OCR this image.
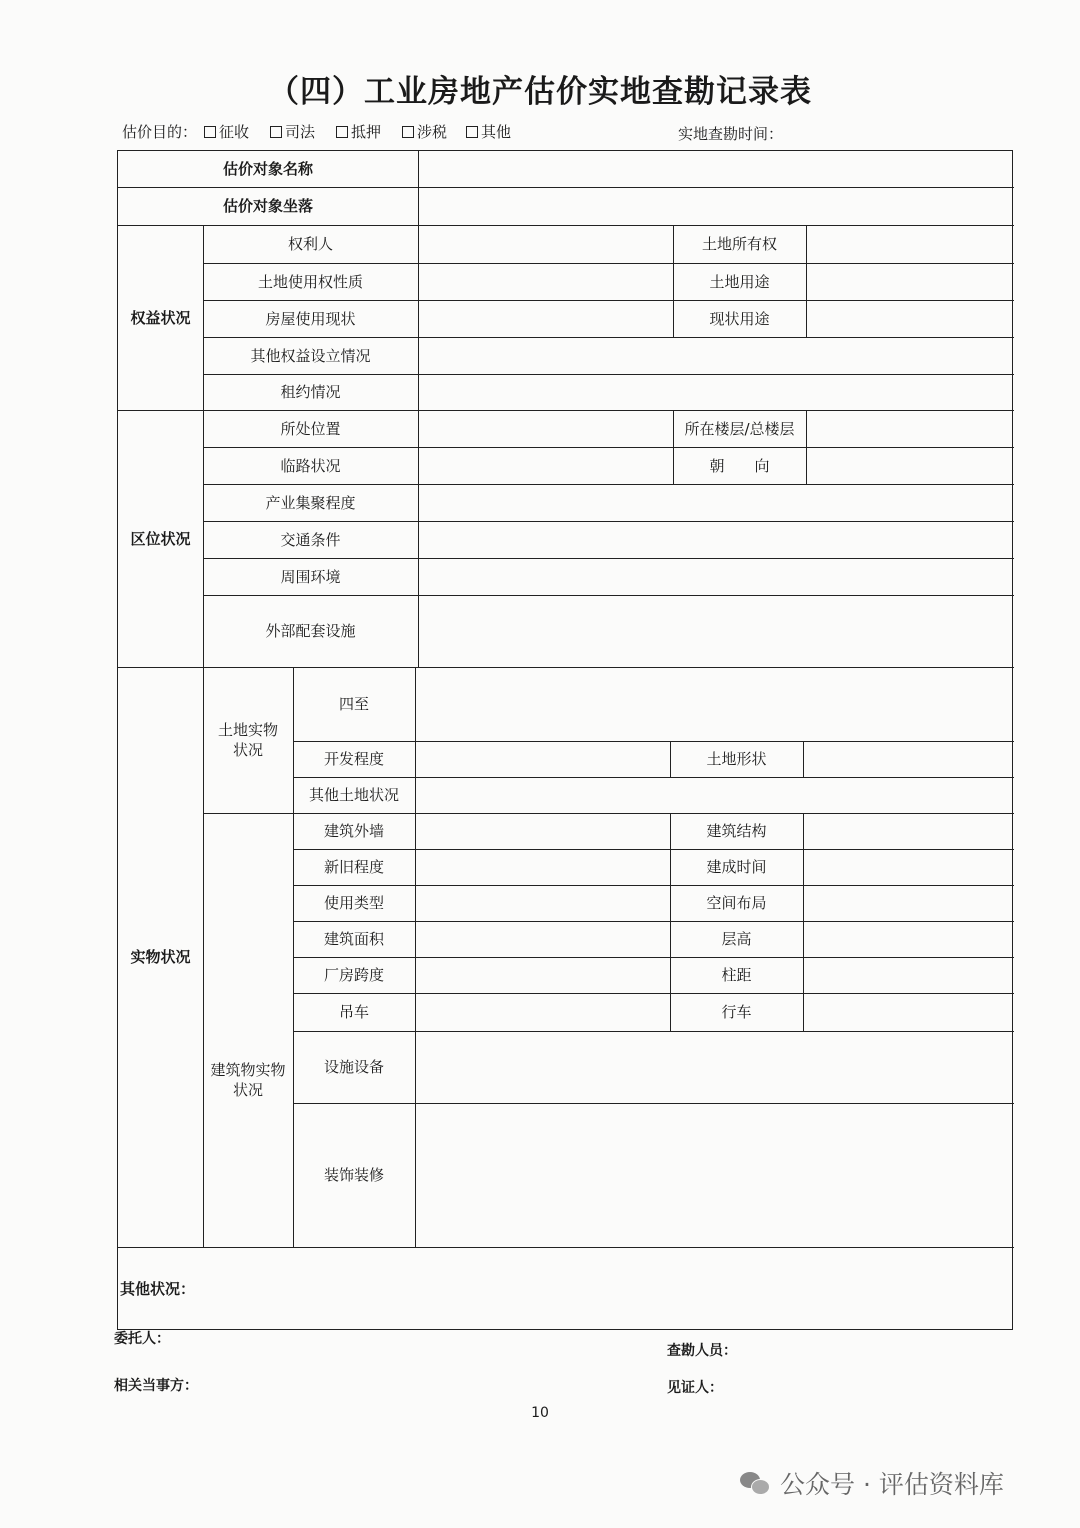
（四）工业房地产估价实地查勘记录表
估价目的： 征收 司法 抵押 涉税 其他	实地查勘时间：
估价对象名称
估价对象坐落
权益状况
权利人	土地所有权
土地使用权性质	土地用途
房屋使用现状	现状用途
其他权益设立情况
租约情况
区位状况
所处位置	所在楼层/总楼层
临路状况	朝　　向
产业集聚程度
交通条件
周围环境
外部配套设施
实物状况
土地实物
状况
四至
开发程度	土地形状
其他土地状况
建筑物实物
状况
建筑外墙	建筑结构
新旧程度	建成时间
使用类型	空间布局
建筑面积	层高
厂房跨度	柱距
吊车	行车
设施设备
装饰装修
其他状况：
委托人：
查勘人员：
相关当事方：	见证人：
10
公众号 · 评估资料库
